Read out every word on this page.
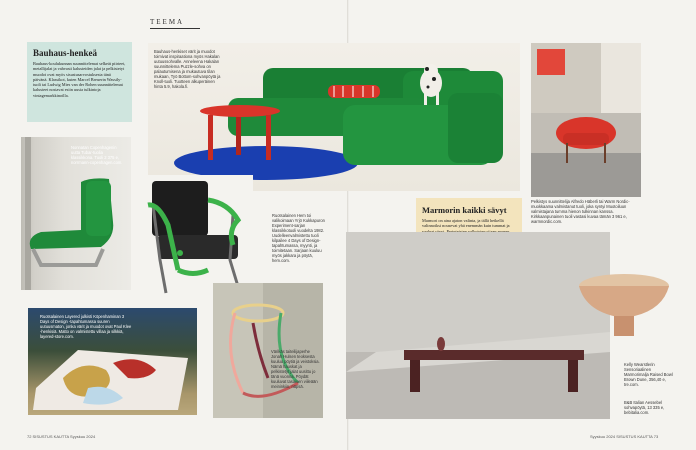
TEEMA
Bauhaus-henkeä

Bauhaus-koulukunnan suunnittelemat selkeät piirteet, metallijalat ja vahvasti kalusteiden jalat ja pelkistetyt muodot ovat myös sisustusarvostuksesta tänä päivänä. Klassikot, kuten Marcel Breuerin Wassily-tuoli tai Ludwig Mies van der Rohen suunnittelemat kalusteet nostavat esiin uusia tulkintoja vintagemarkkinoilla.

Bauhaus-henkiset värit ja muodot toimivat inspiraationa myös Hakalan uutuussohvalle. Anneleena Hakalan suunnittelema Puzzle-sohva on palautumisena ja mukautuva tilan mukaan, Työ Bottom-sohvanpöytä ja Knoll-tuoli. Tuotteen alkuperäinen hinta 5.9, hakola.fi.
Pelkistys suunnittelija Alfredo Häberli tai Warm Nordic-muokkaama valmistanut tuoli, joka syntyi Muotoiluun valmistajana tumma hienon tulkinnan kanssa. Kirkkaanpunainen tuoli vastasi kuvaa tämän 3 961 e, warmnordic.com.
Nonnatan Copenhagenin uutta Tubar-tuolia klassikkona. Tuoli 2 375 e, norrmann-copenhagen.com.
Ruotsalainen Hem toi valikoimaan Yrjö Kukkapuron Experiment-sarjan klassikkotuoli vuodelta 1982. Uudelleenvalmistettu tuoli kilpailee 4 Days of Design-tapahtumassa, myynti, ja toimitetaan. Sarjaan kuuluu myös jakkara ja pöytä, hem.com.
Ruotsalainen Layered julkisti Köpenhaminan 3 Days of Design -tapahtumassa suuren uutuusmaton, jonka värit ja muodot ovat Paul Klee -henkisiä. Matto on valmistettu villaa ja silkkiä, layered-store.com.
Värikäs taiteilijaperhe Jonah Hulsen teoksesta kuuluu pöytiä ja veistoksia. Nämä hauskat ja pelkistetyt jalat uusittu jo tänä vuonna. Pöydät kuuluvat tasaisen viileään meininkiin, näpsä.
Marmorin kaikki sävyt

Marmori on aina ajaton valinta, ja tällä hetkellä valinnoiksi nousevat yhä enemmän kuin tummat ja

Kelly Wearstlerin Sensoriaalinen Marmorimalja Raised Bowl Brown Dune, 356,40 e, tre.com.
B&B Italian Aessebel sohvapöytä, 13 335 e, bebitalia.com.
72 SISUSTUS KAUTTA Syyskuu 2024	Syyskuu 2024 SISUSTUS KAUTTA 73
